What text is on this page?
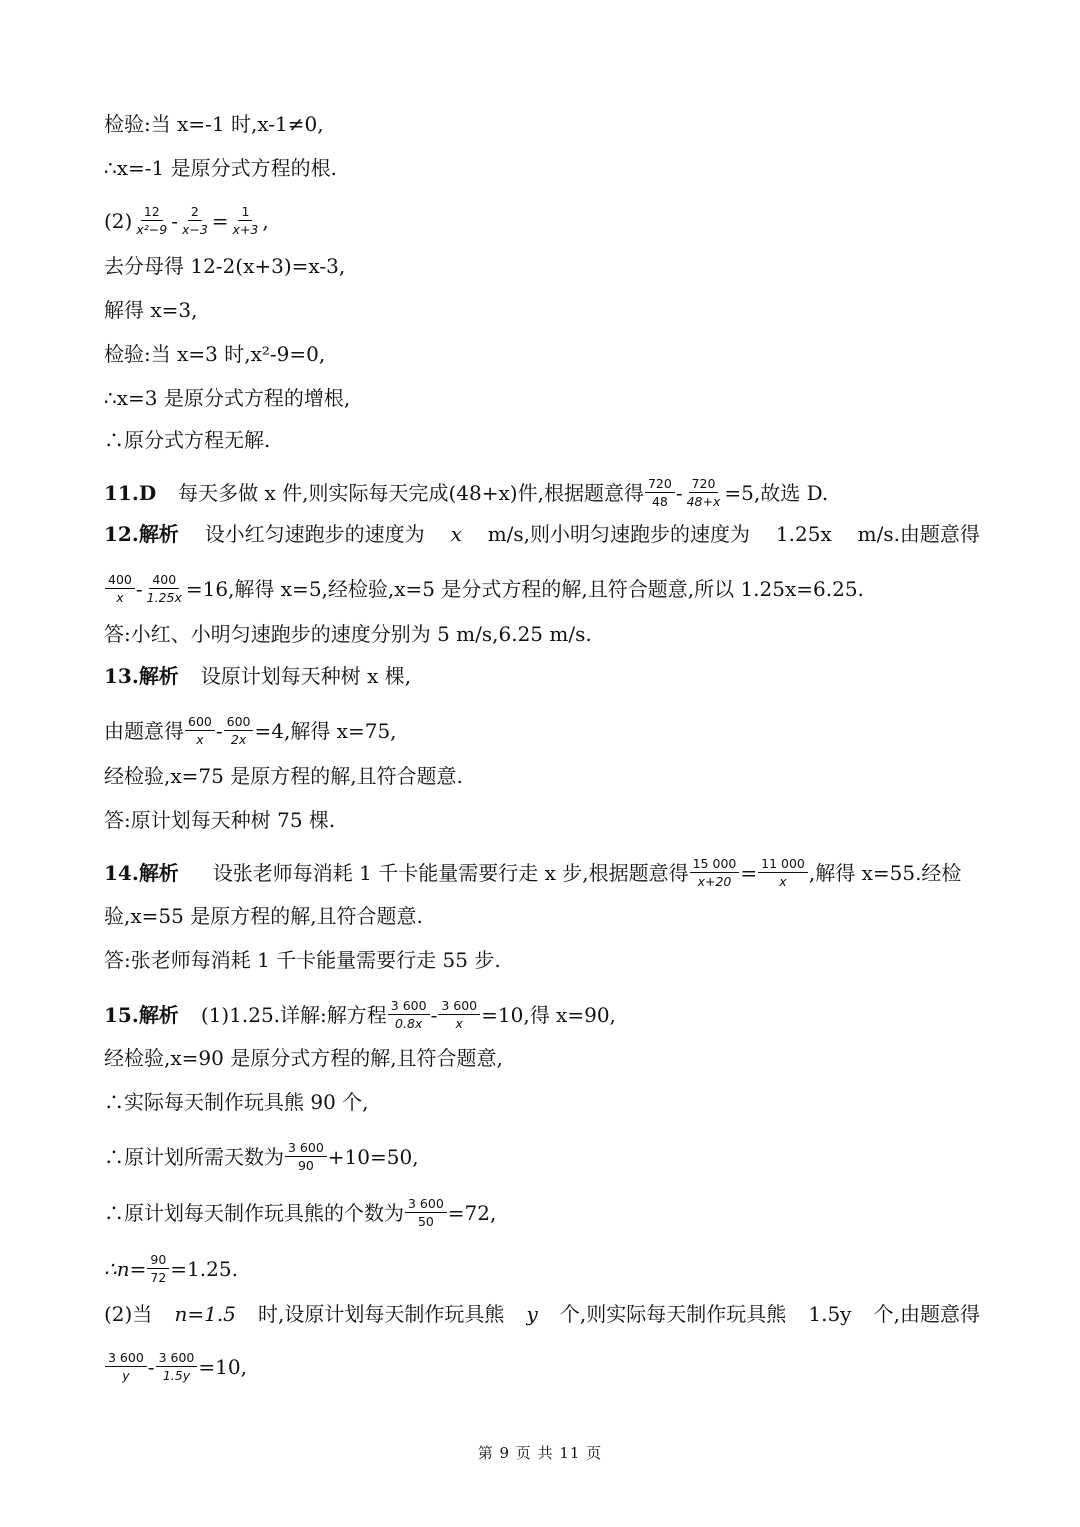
检验:当 x=-1 时,x-1≠0,
∴x=-1 是原分式方程的根.
$(2) \frac{12}{\text{x²−9}} - \frac{2}{x-3} = \frac{1}{x+3}$ ,
去分母得 12-2(x+3)=x-3,
解得 x=3,
检验:当 x=3 时,x²-9=0,
∴x=3 是原分式方程的增根,
∴原分式方程无解.
11 . D 每天多做 x 件,则实际每天完成(48+x)件,根据题意得 $\frac{720}{48} - \frac{720}{48+x} =5$,故选 D.
12.解析 设小红匀速跑步的速度为 x m/s,则小明匀速跑步的速度为 1.25x m/s.由题意得
$\frac{400}{x} - \frac{400}{1.25x} =16$,解得 x=5,经检验,x=5 是分式方程的解,且符合题意,所以 1.25x=6.25.
答:小红、小明匀速跑步的速度分别为 5 m/s,6.25 m/s.
13 . 解析 设原计划每天种树 x 棵,
由题意得 $\frac{600}{x} - \frac{600}{2x} =4$,解得 x=75,
经检验,x=75 是原方程的解,且符合题意.
答:原计划每天种树 75 棵.
14 . 解析 设张老师每消耗 1 千卡能量需要行走 x 步,根据题意得 $\frac{15 000}{x+20} = \frac{11 000}{x}$ ,解得 x=55.经检
验,x=55 是原方程的解,且符合题意.
答:张老师每消耗 1 千卡能量需要行走 55 步.
15 . 解析 (1)1.25.详解:解方程 $\frac{3 600}{0.8x} - \frac{3 600}{x} =10$,得 x=90,
经检验,x=90 是原分式方程的解,且符合题意,
∴实际每天制作玩具熊 90 个,
∴原计划所需天数为 $\frac{3 600}{90} +10=50$,
∴原计划每天制作玩具熊的个数为 $\frac{3 600}{50} =72$,
∴n= $\frac{90}{72} =1.25$.
(2)当 n=1.5 时,设原计划每天制作玩具熊 y 个,则实际每天制作玩具熊 1.5y 个,由题意得
$\frac{3 600}{y} - \frac{3 600}{1.5y} =10$,
第 9 页 共 11 页
